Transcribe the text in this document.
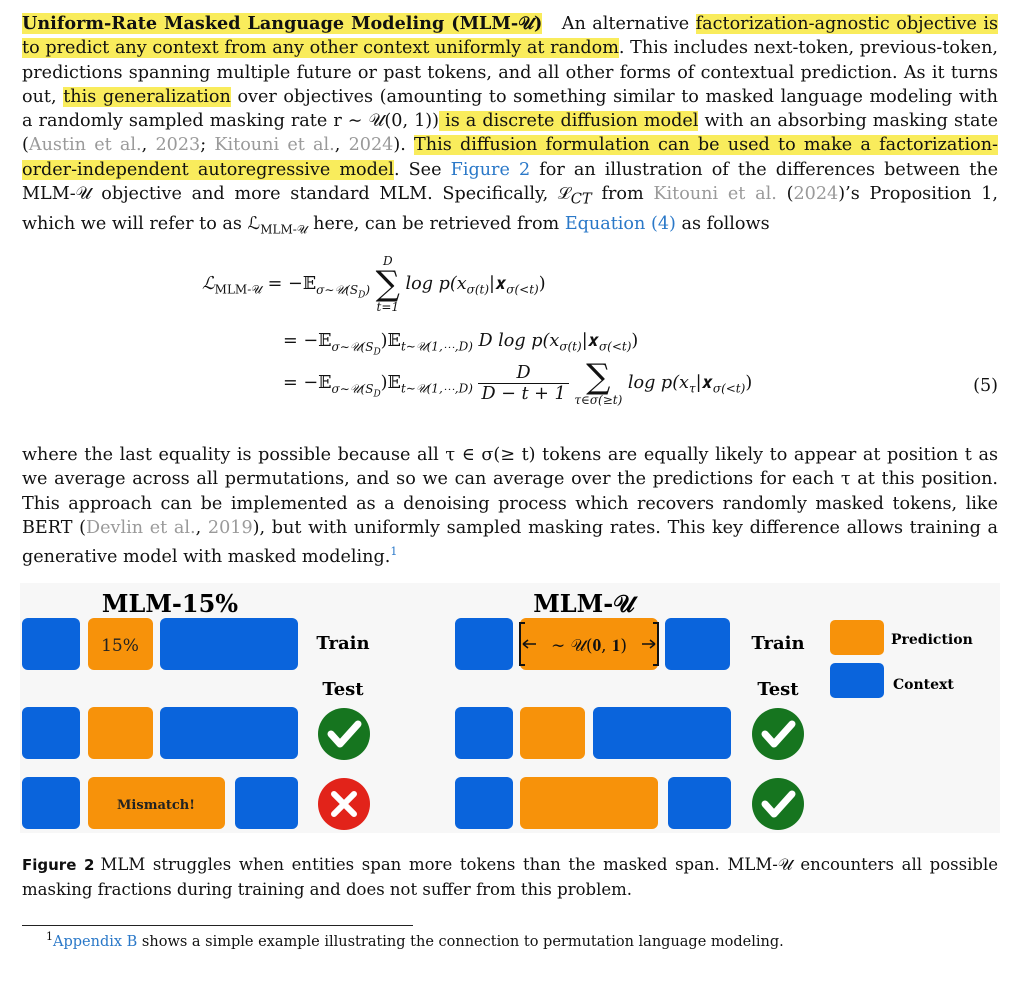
Uniform-Rate Masked Language Modeling (MLM-𝒰) An alternative factorization-agnostic objective is to predict any context from any other context uniformly at random. This includes next-token, previous-token, predictions spanning multiple future or past tokens, and all other forms of contextual prediction. As it turns out, this generalization over objectives (amounting to something similar to masked language modeling with a randomly sampled masking rate r ∼ 𝒰(0, 1)) is a discrete diffusion model with an absorbing masking state (Austin et al., 2023; Kitouni et al., 2024). This diffusion formulation can be used to make a factorization-order-independent autoregressive model. See Figure 2 for an illustration of the differences between the MLM-𝒰 objective and more standard MLM. Specifically, ℒ$_{CT}$ from Kitouni et al. (2024)’s Proposition 1, which we will refer to as ℒ$_{MLM-𝒰}$ here, can be retrieved from Equation (4) as follows
ℒ$_{MLM-𝒰}$ = −𝔼$_{\sigma\sim 𝒰(S_D)}$
D
∑
t=1
$\log p(x_{\sigma(t)}|𝒙_{\sigma(<t)})$
= −𝔼$_{\sigma\sim 𝒰(S_D}$)𝔼$_{t\sim 𝒰(1,\cdots,D)}$ D $\log p(x_{\sigma(t)}|𝒙_{\sigma(<t)})$
= −𝔼$_{\sigma\sim 𝒰(S_D}$)𝔼$_{t\sim 𝒰(1,\cdots,D)}$ $\frac{D}{D - t + 1}$
∑
τ∈σ(≥t)
$\log p(x_\tau|𝒙_{\sigma(<t)})$	(5)
where the last equality is possible because all τ ∈ σ(≥ t) tokens are equally likely to appear at position t as we average across all permutations, and so we can average over the predictions for each τ at this position. This approach can be implemented as a denoising process which recovers randomly masked tokens, like BERT (Devlin et al., 2019), but with uniformly sampled masking rates. This key difference allows training a generative model with masked modeling.$^1$
MLM-15%	MLM-𝒰
15%	Train
Test
Mismatch!
∼ 𝒰(𝟎, 𝟏)	Train
Test
Prediction
Context
Figure 2 MLM struggles when entities span more tokens than the masked span. MLM-𝒰 encounters all possible masking fractions during training and does not suffer from this problem.
$^1$Appendix B shows a simple example illustrating the connection to permutation language modeling.
